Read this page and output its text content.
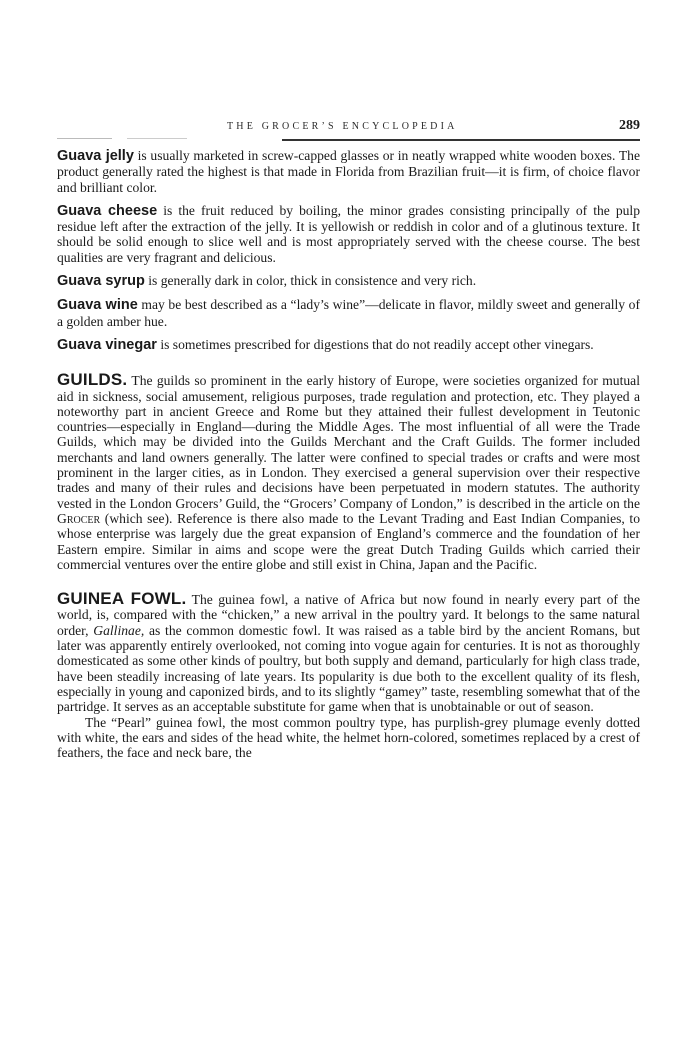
THE GROCER’S ENCYCLOPEDIA	289

Guava jelly is usually marketed in screw-capped glasses or in neatly wrapped white wooden boxes. The product generally rated the highest is that made in Florida from Brazilian fruit—it is firm, of choice flavor and brilliant color.

Guava cheese is the fruit reduced by boiling, the minor grades consisting principally of the pulp residue left after the extraction of the jelly. It is yellowish or reddish in color and of a glutinous texture. It should be solid enough to slice well and is most appropriately served with the cheese course. The best qualities are very fragrant and delicious.

Guava syrup is generally dark in color, thick in consistence and very rich.

Guava wine may be best described as a “lady’s wine”—delicate in flavor, mildly sweet and generally of a golden amber hue.

Guava vinegar is sometimes prescribed for digestions that do not readily accept other vinegars.

GUILDS. The guilds so prominent in the early history of Europe, were societies organized for mutual aid in sickness, social amusement, religious purposes, trade regulation and protection, etc. They played a noteworthy part in ancient Greece and Rome but they attained their fullest development in Teutonic countries—especially in England—during the Middle Ages. The most influential of all were the Trade Guilds, which may be divided into the Guilds Merchant and the Craft Guilds. The former included merchants and land owners generally. The latter were confined to special trades or crafts and were most prominent in the larger cities, as in London. They exercised a general supervision over their respective trades and many of their rules and decisions have been perpetuated in modern statutes. The authority vested in the London Grocers’ Guild, the “Grocers’ Company of London,” is described in the article on the Grocer (which see). Reference is there also made to the Levant Trading and East Indian Companies, to whose enterprise was largely due the great expansion of England’s commerce and the foundation of her Eastern empire. Similar in aims and scope were the great Dutch Trading Guilds which carried their commercial ventures over the entire globe and still exist in China, Japan and the Pacific.

GUINEA FOWL. The guinea fowl, a native of Africa but now found in nearly every part of the world, is, compared with the “chicken,” a new arrival in the poultry yard. It belongs to the same natural order, Gallinae, as the common domestic fowl. It was raised as a table bird by the ancient Romans, but later was apparently entirely overlooked, not coming into vogue again for centuries. It is not as thoroughly domesticated as some other kinds of poultry, but both supply and demand, particularly for high class trade, have been steadily increasing of late years. Its popularity is due both to the excellent quality of its flesh, especially in young and caponized birds, and to its slightly “gamey” taste, resembling somewhat that of the partridge. It serves as an acceptable substitute for game when that is unobtainable or out of season.

The “Pearl” guinea fowl, the most common poultry type, has purplish-grey plumage evenly dotted with white, the ears and sides of the head white, the helmet horn-colored, sometimes replaced by a crest of feathers, the face and neck bare, the
